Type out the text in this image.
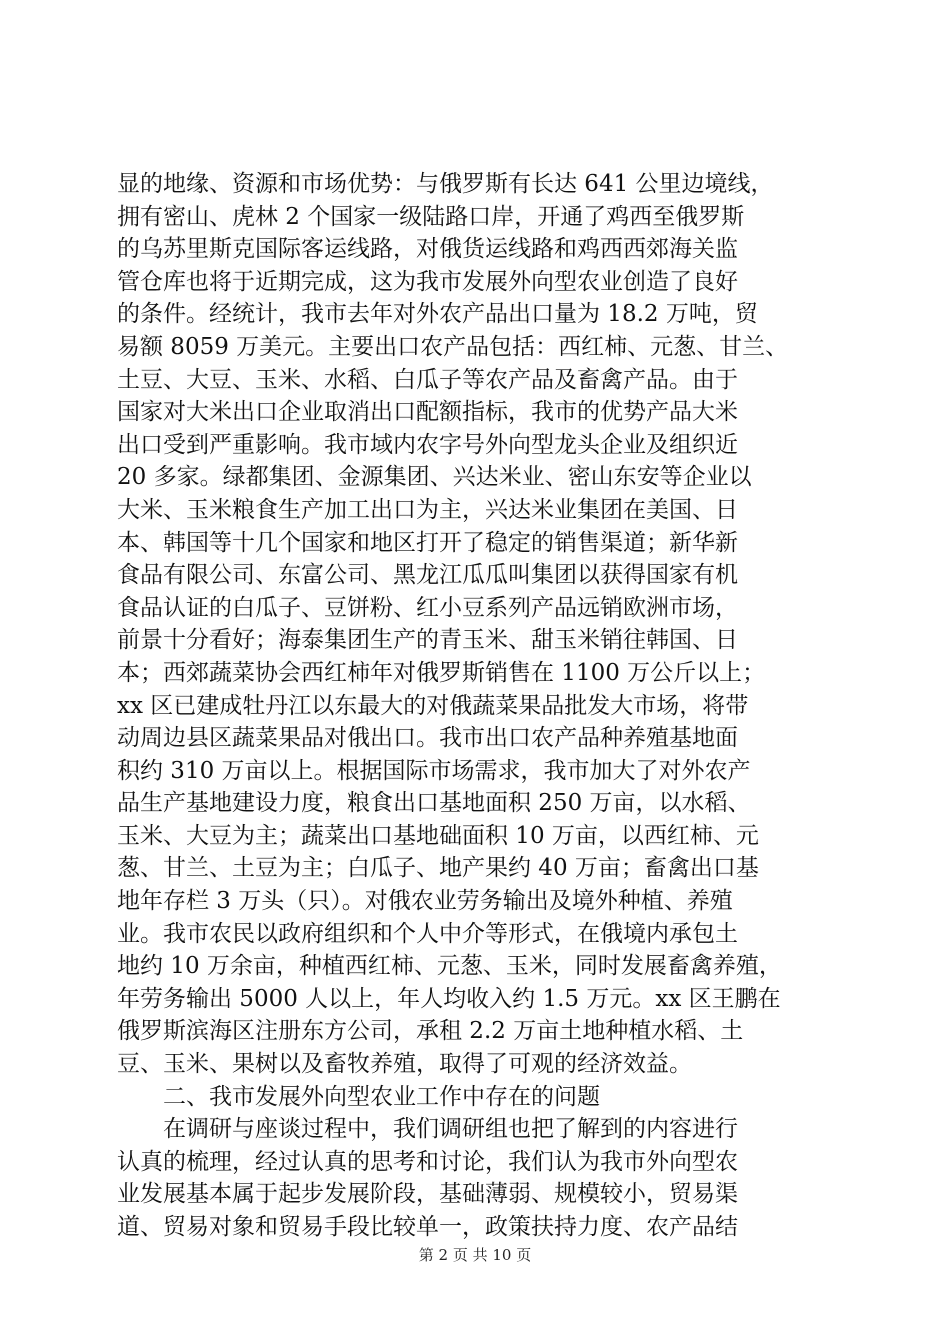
显的地缘、资源和市场优势：与俄罗斯有长达 641 公里边境线，
拥有密山、虎林 2 个国家一级陆路口岸，开通了鸡西至俄罗斯
的乌苏里斯克国际客运线路，对俄货运线路和鸡西西郊海关监
管仓库也将于近期完成，这为我市发展外向型农业创造了良好
的条件。经统计，我市去年对外农产品出口量为 18.2 万吨，贸
易额 8059 万美元。主要出口农产品包括：西红柿、元葱、甘兰、
土豆、大豆、玉米、水稻、白瓜子等农产品及畜禽产品。由于
国家对大米出口企业取消出口配额指标，我市的优势产品大米
出口受到严重影响。我市域内农字号外向型龙头企业及组织近
20 多家。绿都集团、金源集团、兴达米业、密山东安等企业以
大米、玉米粮食生产加工出口为主，兴达米业集团在美国、日
本、韩国等十几个国家和地区打开了稳定的销售渠道；新华新
食品有限公司、东富公司、黑龙江瓜瓜叫集团以获得国家有机
食品认证的白瓜子、豆饼粉、红小豆系列产品远销欧洲市场，
前景十分看好；海泰集团生产的青玉米、甜玉米销往韩国、日
本；西郊蔬菜协会西红柿年对俄罗斯销售在 1100 万公斤以上；
xx 区已建成牡丹江以东最大的对俄蔬菜果品批发大市场，将带
动周边县区蔬菜果品对俄出口。我市出口农产品种养殖基地面
积约 310 万亩以上。根据国际市场需求，我市加大了对外农产
品生产基地建设力度，粮食出口基地面积 250 万亩，以水稻、
玉米、大豆为主；蔬菜出口基地础面积 10 万亩，以西红柿、元
葱、甘兰、土豆为主；白瓜子、地产果约 40 万亩；畜禽出口基
地年存栏 3 万头（只）。对俄农业劳务输出及境外种植、养殖
业。我市农民以政府组织和个人中介等形式，在俄境内承包土
地约 10 万余亩，种植西红柿、元葱、玉米，同时发展畜禽养殖，
年劳务输出 5000 人以上，年人均收入约 1.5 万元。xx 区王鹏在
俄罗斯滨海区注册东方公司，承租 2.2 万亩土地种植水稻、土
豆、玉米、果树以及畜牧养殖，取得了可观的经济效益。
二、我市发展外向型农业工作中存在的问题
在调研与座谈过程中，我们调研组也把了解到的内容进行
认真的梳理，经过认真的思考和讨论，我们认为我市外向型农
业发展基本属于起步发展阶段，基础薄弱、规模较小，贸易渠
道、贸易对象和贸易手段比较单一，政策扶持力度、农产品结
第 2 页 共 10 页
